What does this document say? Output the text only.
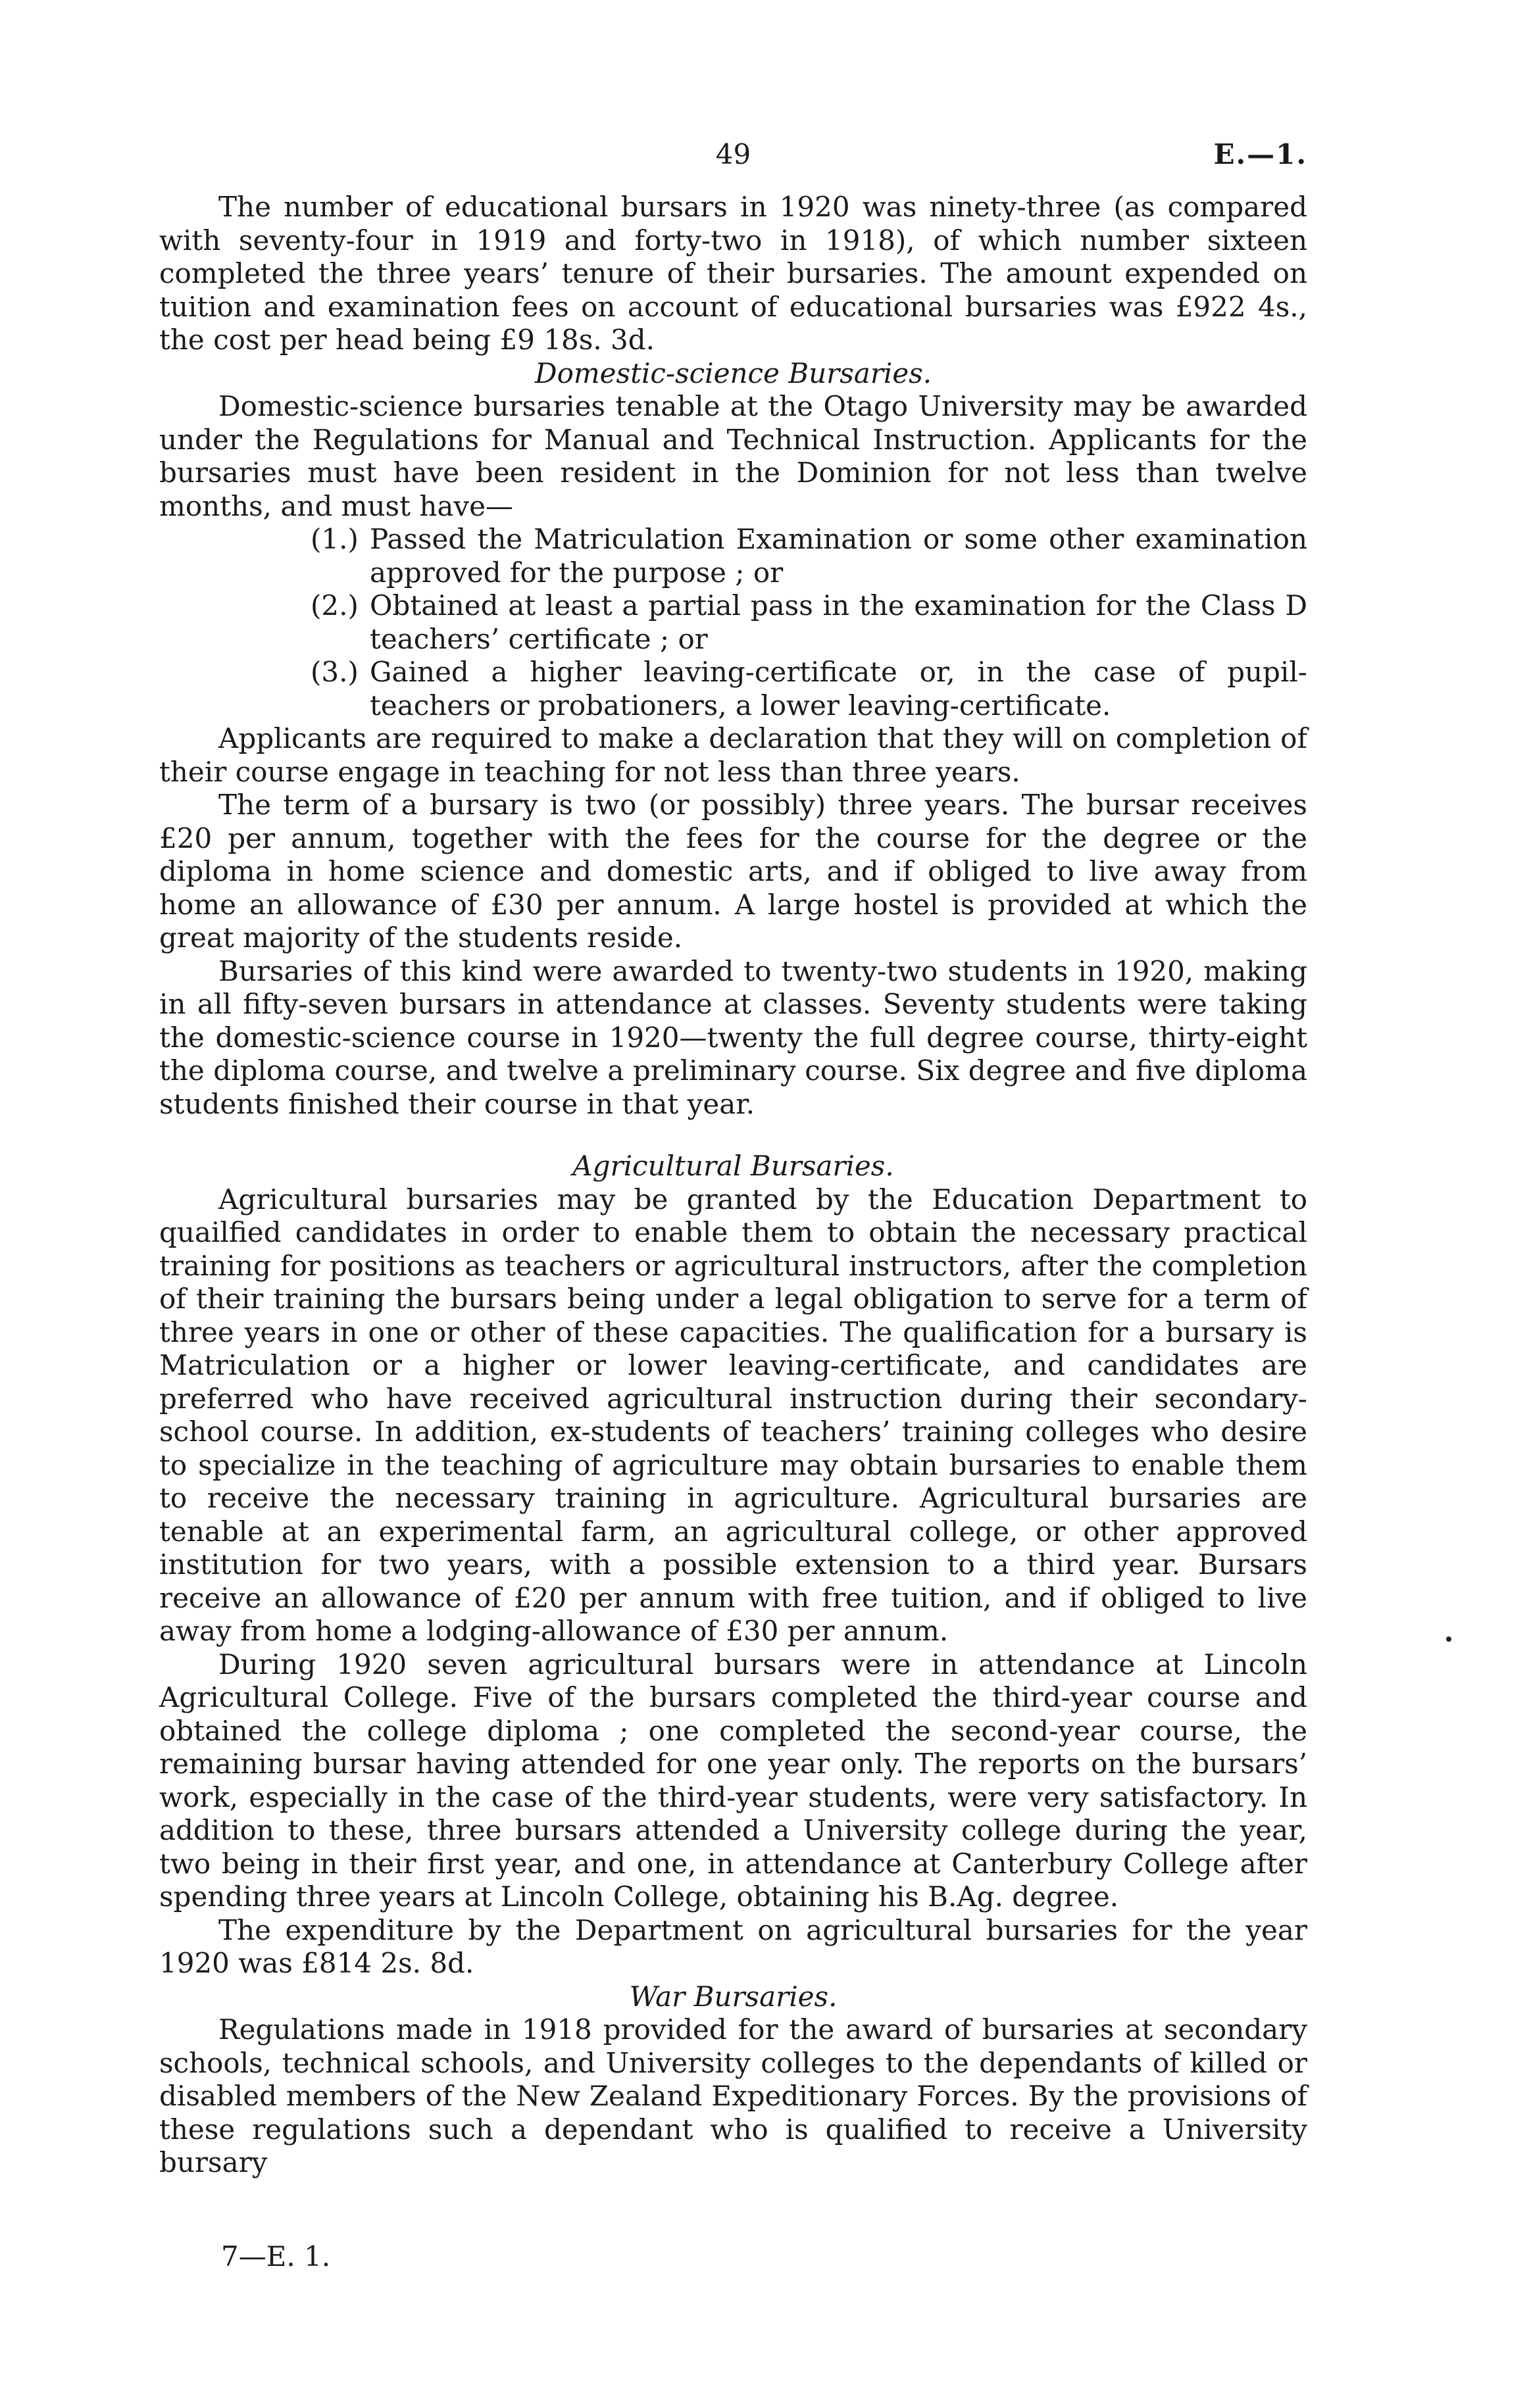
49	E.—1.

The number of educational bursars in 1920 was ninety-three (as compared with seventy-four in 1919 and forty-two in 1918), of which number sixteen completed the three years’ tenure of their bursaries. The amount expended on tuition and examination fees on account of educational bursaries was £922 4s., the cost per head being £9 18s. 3d.

Domestic-science Bursaries.

Domestic-science bursaries tenable at the Otago University may be awarded under the Regulations for Manual and Technical Instruction. Applicants for the bursaries must have been resident in the Dominion for not less than twelve months, and must have—

(1.) Passed the Matriculation Examination or some other examination approved for the purpose ; or
(2.) Obtained at least a partial pass in the examination for the Class D teachers’ certificate ; or
(3.) Gained a higher leaving-certificate or, in the case of pupil-teachers or probationers, a lower leaving-certificate.

Applicants are required to make a declaration that they will on completion of their course engage in teaching for not less than three years.

The term of a bursary is two (or possibly) three years. The bursar receives £20 per annum, together with the fees for the course for the degree or the diploma in home science and domestic arts, and if obliged to live away from home an allowance of £30 per annum. A large hostel is provided at which the great majority of the students reside.

Bursaries of this kind were awarded to twenty-two students in 1920, making in all fifty-seven bursars in attendance at classes. Seventy students were taking the domestic-science course in 1920—twenty the full degree course, thirty-eight the diploma course, and twelve a preliminary course. Six degree and five diploma students finished their course in that year.

Agricultural Bursaries.

Agricultural bursaries may be granted by the Education Department to quailfied candidates in order to enable them to obtain the necessary practical training for positions as teachers or agricultural instructors, after the completion of their training the bursars being under a legal obligation to serve for a term of three years in one or other of these capacities. The qualification for a bursary is Matriculation or a higher or lower leaving-certificate, and candidates are preferred who have received agricultural instruction during their secondary-school course. In addition, ex-students of teachers’ training colleges who desire to specialize in the teaching of agriculture may obtain bursaries to enable them to receive the necessary training in agriculture. Agricultural bursaries are tenable at an experimental farm, an agricultural college, or other approved institution for two years, with a possible extension to a third year. Bursars receive an allowance of £20 per annum with free tuition, and if obliged to live away from home a lodging-allowance of £30 per annum.

During 1920 seven agricultural bursars were in attendance at Lincoln Agricultural College. Five of the bursars completed the third-year course and obtained the college diploma ; one completed the second-year course, the remaining bursar having attended for one year only. The reports on the bursars’ work, especially in the case of the third-year students, were very satisfactory. In addition to these, three bursars attended a University college during the year, two being in their first year, and one, in attendance at Canterbury College after spending three years at Lincoln College, obtaining his B.Ag. degree.

The expenditure by the Department on agricultural bursaries for the year 1920 was £814 2s. 8d.

War Bursaries.

Regulations made in 1918 provided for the award of bursaries at secondary schools, technical schools, and University colleges to the dependants of killed or disabled members of the New Zealand Expeditionary Forces. By the provisions of these regulations such a dependant who is qualified to receive a University bursary

7—E. 1.
